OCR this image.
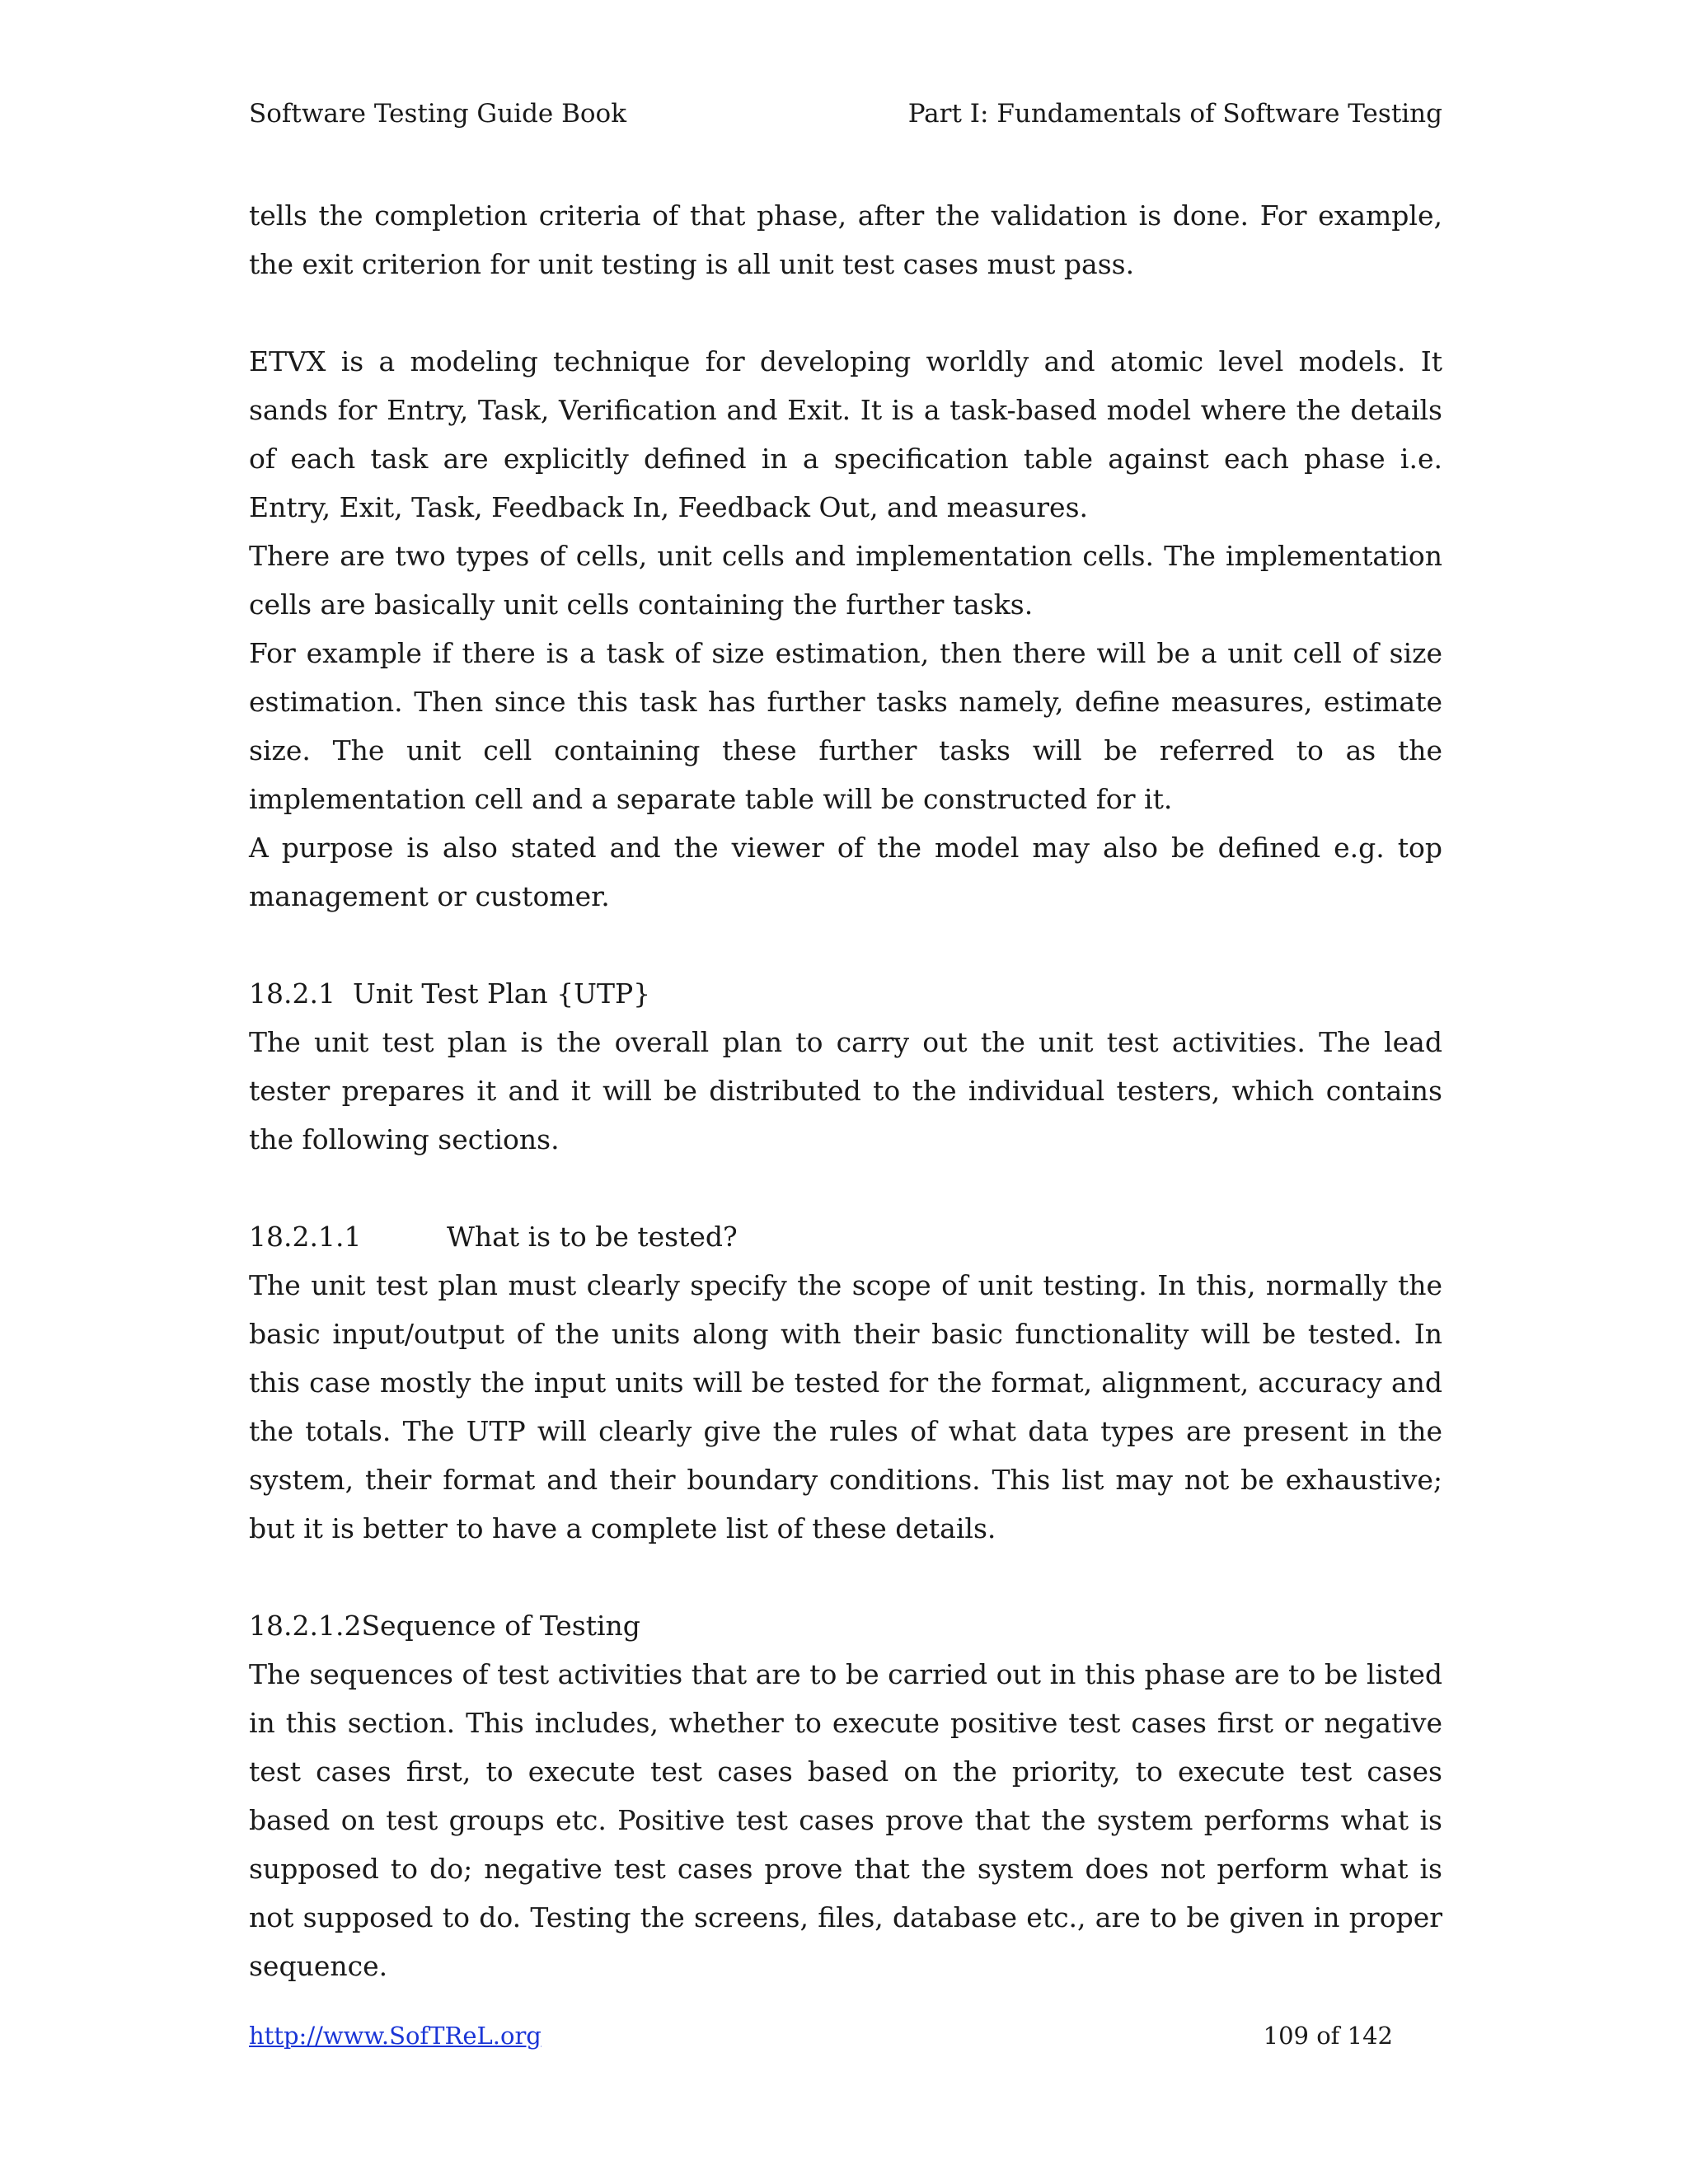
Software Testing Guide Book	Part I: Fundamentals of Software Testing

tells the completion criteria of that phase, after the validation is done. For example, the exit criterion for unit testing is all unit test cases must pass.

ETVX is a modeling technique for developing worldly and atomic level models. It sands for Entry, Task, Verification and Exit. It is a task-based model where the details of each task are explicitly defined in a specification table against each phase i.e. Entry, Exit, Task, Feedback In, Feedback Out, and measures.

There are two types of cells, unit cells and implementation cells. The implementation cells are basically unit cells containing the further tasks.

For example if there is a task of size estimation, then there will be a unit cell of size estimation. Then since this task has further tasks namely, define measures, estimate size. The unit cell containing these further tasks will be referred to as the implementation cell and a separate table will be constructed for it.

A purpose is also stated and the viewer of the model may also be defined e.g. top management or customer.

18.2.1 Unit Test Plan {UTP}

The unit test plan is the overall plan to carry out the unit test activities. The lead tester prepares it and it will be distributed to the individual testers, which contains the following sections.

18.2.1.1	What is to be tested?

The unit test plan must clearly specify the scope of unit testing. In this, normally the basic input/output of the units along with their basic functionality will be tested. In this case mostly the input units will be tested for the format, alignment, accuracy and the totals. The UTP will clearly give the rules of what data types are present in the system, their format and their boundary conditions. This list may not be exhaustive; but it is better to have a complete list of these details.

18.2.1.2Sequence of Testing

The sequences of test activities that are to be carried out in this phase are to be listed in this section. This includes, whether to execute positive test cases first or negative test cases first, to execute test cases based on the priority, to execute test cases based on test groups etc. Positive test cases prove that the system performs what is supposed to do; negative test cases prove that the system does not perform what is not supposed to do. Testing the screens, files, database etc., are to be given in proper sequence.

http://www.SofTReL.org	109 of 142
